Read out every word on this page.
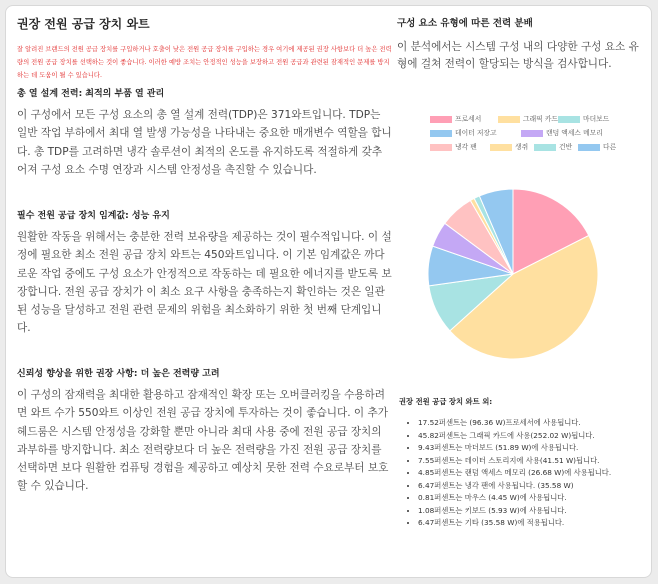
권장 전원 공급 장치 와트
잘 알려진 브랜드의 전원 공급 장치를 구입하거나 호출이 낮은 전원 공급 장치를 구입하는 경우 여기에 제공된 권장 사항보다 더 높은 전력량의 전원 공급 장치를 선택하는 것이 좋습니다. 이러한 예방 조치는 안정적인 성능을 보장하고 전원 공급과 관련된 잠재적인 문제를 방지하는 데 도움이 될 수 있습니다.
총 열 설계 전력: 최적의 부품 열 관리
이 구성에서 모든 구성 요소의 총 열 설계 전력(TDP)은 371와트입니다. TDP는 일반 작업 부하에서 최대 열 발생 가능성을 나타내는 중요한 매개변수 역할을 합니다. 총 TDP를 고려하면 냉각 솔루션이 최적의 온도를 유지하도록 적절하게 갖추어져 구성 요소 수명 연장과 시스템 안정성을 촉진할 수 있습니다.
필수 전원 공급 장치 임계값: 성능 유지
원활한 작동을 위해서는 충분한 전력 보유량을 제공하는 것이 필수적입니다. 이 설정에 필요한 최소 전원 공급 장치 와트는 450와트입니다. 이 기본 임계값은 까다로운 작업 중에도 구성 요소가 안정적으로 작동하는 데 필요한 에너지를 받도록 보장합니다. 전원 공급 장치가 이 최소 요구 사항을 충족하는지 확인하는 것은 일관된 성능을 달성하고 전원 관련 문제의 위험을 최소화하기 위한 첫 번째 단계입니다.
신뢰성 향상을 위한 권장 사항: 더 높은 전력량 고려
이 구성의 잠재력을 최대한 활용하고 잠재적인 확장 또는 오버클러킹을 수용하려면 와트 수가 550와트 이상인 전원 공급 장치에 투자하는 것이 좋습니다. 이 추가 헤드룸은 시스템 안정성을 강화할 뿐만 아니라 최대 사용 중에 전원 공급 장치의 과부하를 방지합니다. 최소 전력량보다 더 높은 전력량을 가진 전원 공급 장치를 선택하면 보다 원활한 컴퓨팅 경험을 제공하고 예상치 못한 전력 수요로부터 보호할 수 있습니다.
구성 요소 유형에 따른 전력 분배
이 분석에서는 시스템 구성 내의 다양한 구성 요소 유형에 걸쳐 전력이 할당되는 방식을 검사합니다.
프로세서	그래픽 카드	마더보드
데이터 저장고	랜덤 액세스 메모리
냉각 팬	생쥐	건반	다른
권장 전원 공급 장치 와트 외:
• 17.52퍼센트는 (96.36 W)프로세서에 사용됩니다.
• 45.82퍼센트는 그래픽 카드에 사용(252.02 W)됩니다.
• 9.43퍼센트는 마더보드 (51.89 W)에 사용됩니다.
• 7.55퍼센트는 데이터 스토리지에 사용(41.51 W)됩니다.
• 4.85퍼센트는 랜덤 액세스 메모리 (26.68 W)에 사용됩니다.
• 6.47퍼센트는 냉각 팬에 사용됩니다. (35.58 W)
• 0.81퍼센트는 마우스 (4.45 W)에 사용됩니다.
• 1.08퍼센트는 키보드 (5.93 W)에 사용됩니다.
• 6.47퍼센트는 기타 (35.58 W)에 적용됩니다.
